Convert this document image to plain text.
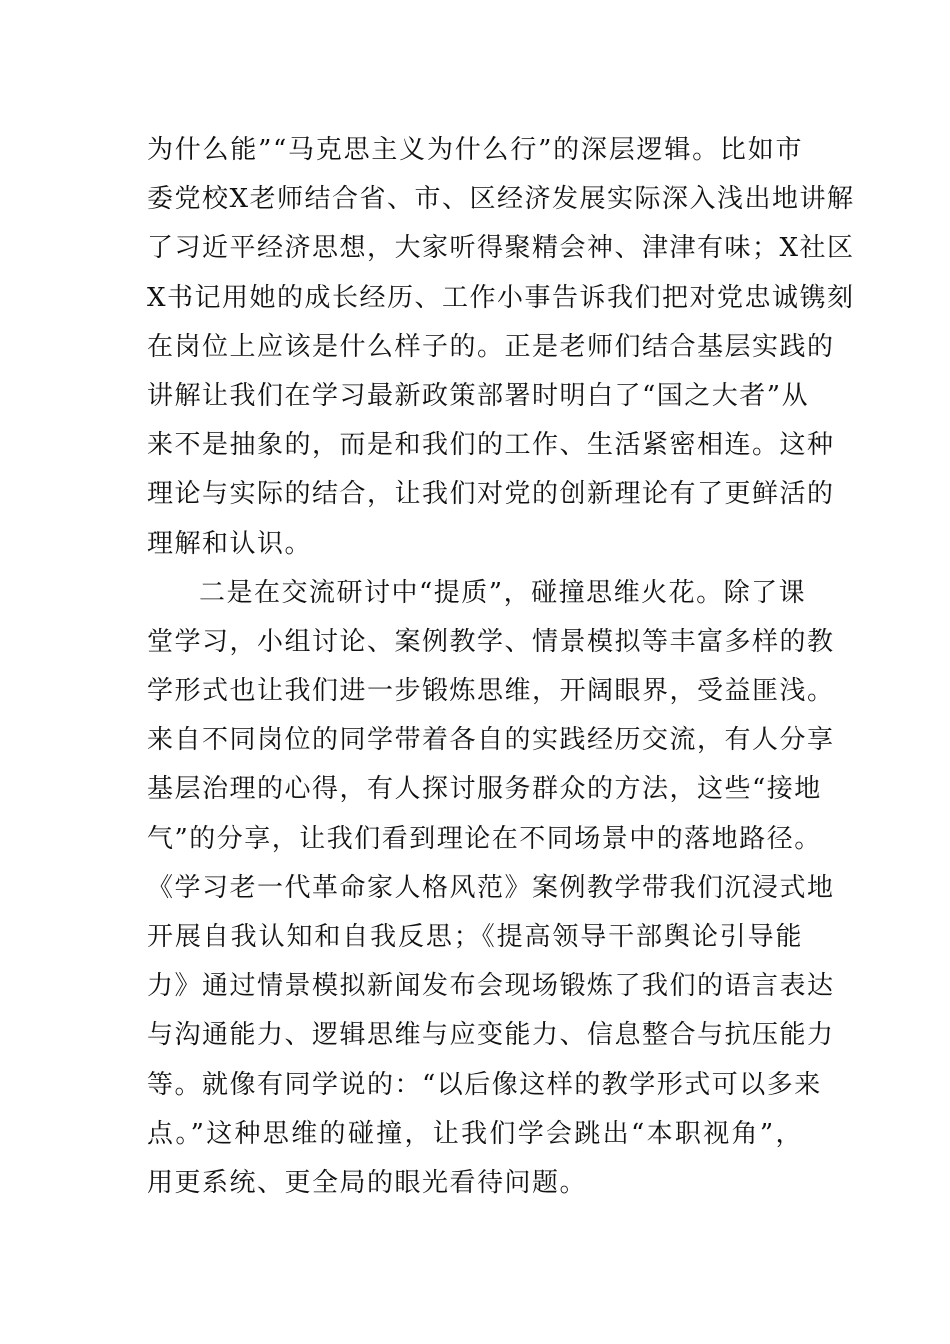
为什么能”“马克思主义为什么行”的深层逻辑。比如市
委党校X老师结合省、市、区经济发展实际深入浅出地讲解
了习近平经济思想，大家听得聚精会神、津津有味；X社区
X书记用她的成长经历、工作小事告诉我们把对党忠诚镌刻
在岗位上应该是什么样子的。正是老师们结合基层实践的
讲解让我们在学习最新政策部署时明白了“国之大者”从
来不是抽象的，而是和我们的工作、生活紧密相连。这种
理论与实际的结合，让我们对党的创新理论有了更鲜活的
理解和认识。
二是在交流研讨中“提质”，碰撞思维火花。除了课
堂学习，小组讨论、案例教学、情景模拟等丰富多样的教
学形式也让我们进一步锻炼思维，开阔眼界，受益匪浅。
来自不同岗位的同学带着各自的实践经历交流，有人分享
基层治理的心得，有人探讨服务群众的方法，这些“接地
气”的分享，让我们看到理论在不同场景中的落地路径。
《学习老一代革命家人格风范》案例教学带我们沉浸式地
开展自我认知和自我反思；《提高领导干部舆论引导能
力》通过情景模拟新闻发布会现场锻炼了我们的语言表达
与沟通能力、逻辑思维与应变能力、信息整合与抗压能力
等。就像有同学说的：“以后像这样的教学形式可以多来
点。”这种思维的碰撞，让我们学会跳出“本职视角”，
用更系统、更全局的眼光看待问题。
